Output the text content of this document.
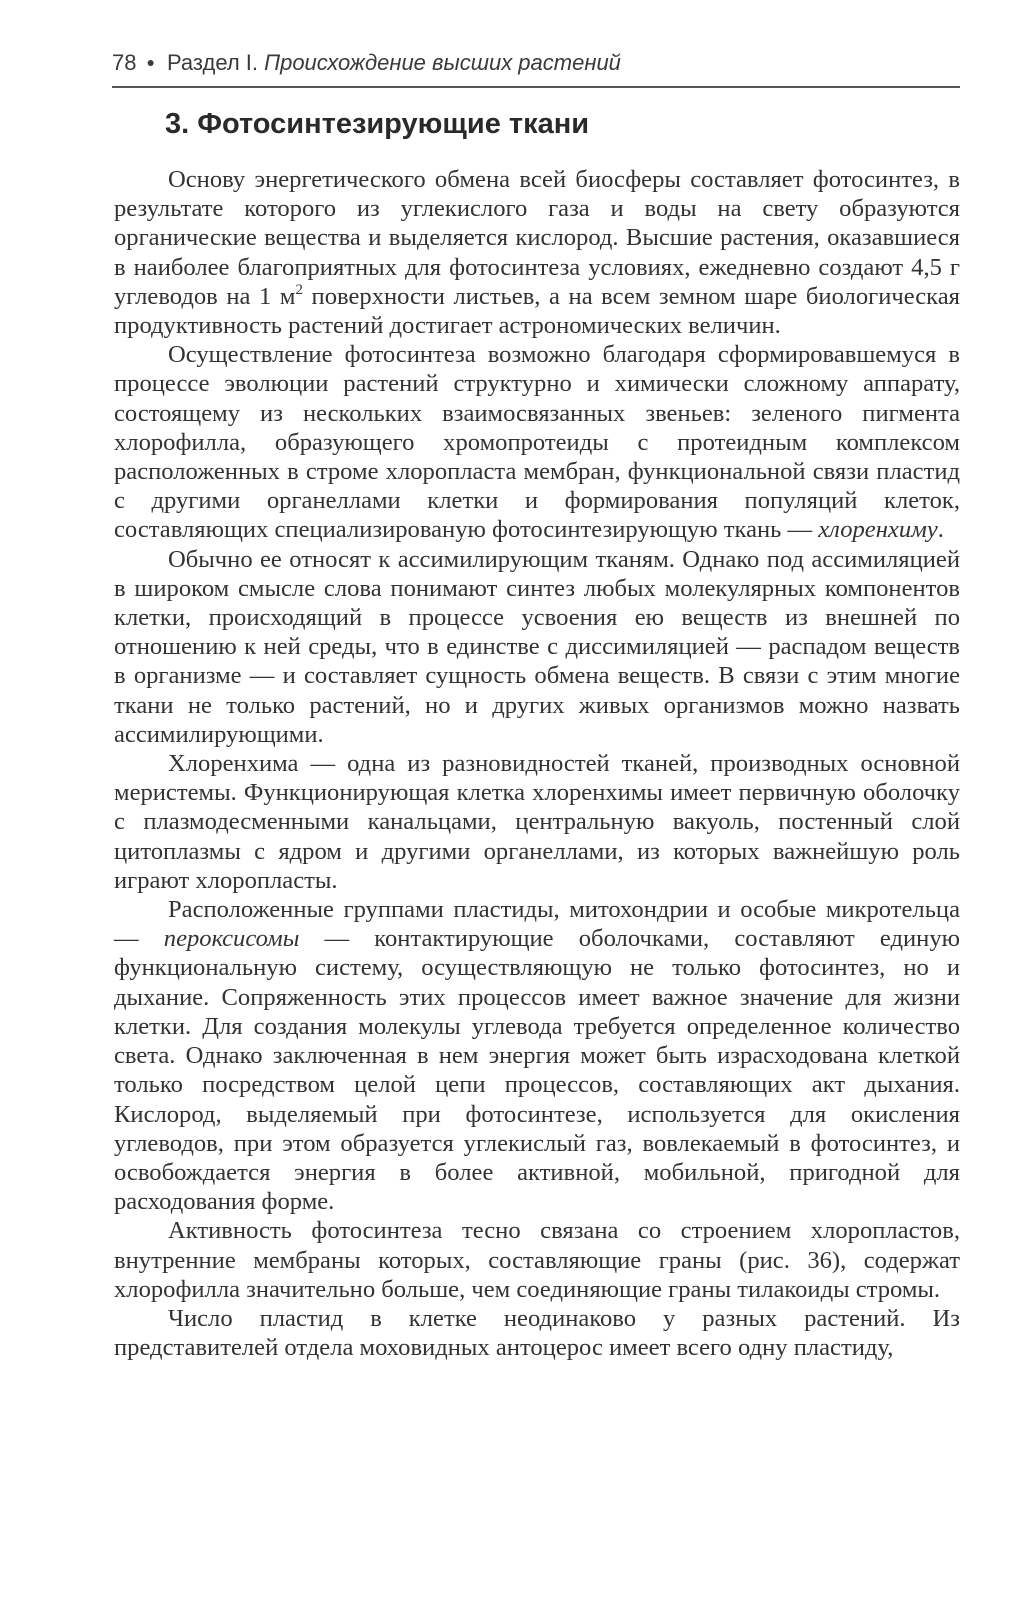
78 ● Раздел I. Происхождение высших растений
3. Фотосинтезирующие ткани

Основу энергетического обмена всей биосферы составляет фотосинтез, в результате которого из углекислого газа и воды на свету образуются органические вещества и выделяется кислород. Высшие растения, оказавшиеся в наиболее благоприятных для фотосинтеза условиях, ежедневно создают 4,5 г углеводов на 1 $м^2$ поверхности листьев, а на всем земном шаре биологическая продуктивность растений достигает астрономических величин.

Осуществление фотосинтеза возможно благодаря сформировавшемуся в процессе эволюции растений структурно и химически сложному аппарату, состоящему из нескольких взаимосвязанных звеньев: зеленого пигмента хлорофилла, образующего хромопротеиды с протеидным комплексом расположенных в строме хлоропласта мембран, функциональной связи пластид с другими органеллами клетки и формирования популяций клеток, составляющих специализированую фотосинтезирующую ткань — хлоренхиму.

Обычно ее относят к ассимилирующим тканям. Однако под ассимиляцией в широком смысле слова понимают синтез любых молекулярных компонентов клетки, происходящий в процессе усвоения ею веществ из внешней по отношению к ней среды, что в единстве с диссимиляцией — распадом веществ в организме — и составляет сущность обмена веществ. В связи с этим многие ткани не только растений, но и других живых организмов можно назвать ассимилирующими.

Хлоренхима — одна из разновидностей тканей, производных основной меристемы. Функционирующая клетка хлоренхимы имеет первичную оболочку с плазмодесменными канальцами, центральную вакуоль, постенный слой цитоплазмы с ядром и другими органеллами, из которых важнейшую роль играют хлоропласты.

Расположенные группами пластиды, митохондрии и особые микротельца — пероксисомы — контактирующие оболочками, составляют единую функциональную систему, осуществляющую не только фотосинтез, но и дыхание. Сопряженность этих процессов имеет важное значение для жизни клетки. Для создания молекулы углевода требуется определенное количество света. Однако заключенная в нем энергия может быть израсходована клеткой только посредством целой цепи процессов, составляющих акт дыхания. Кислород, выделяемый при фотосинтезе, используется для окисления углеводов, при этом образуется углекислый газ, вовлекаемый в фотосинтез, и освобождается энергия в более активной, мобильной, пригодной для расходования форме.

Активность фотосинтеза тесно связана со строением хлоропластов, внутренние мембраны которых, составляющие граны (рис. 36), содержат хлорофилла значительно больше, чем соединяющие граны тилакоиды стромы.

Число пластид в клетке неодинаково у разных растений. Из представителей отдела моховидных антоцерос имеет всего одну пластиду,
